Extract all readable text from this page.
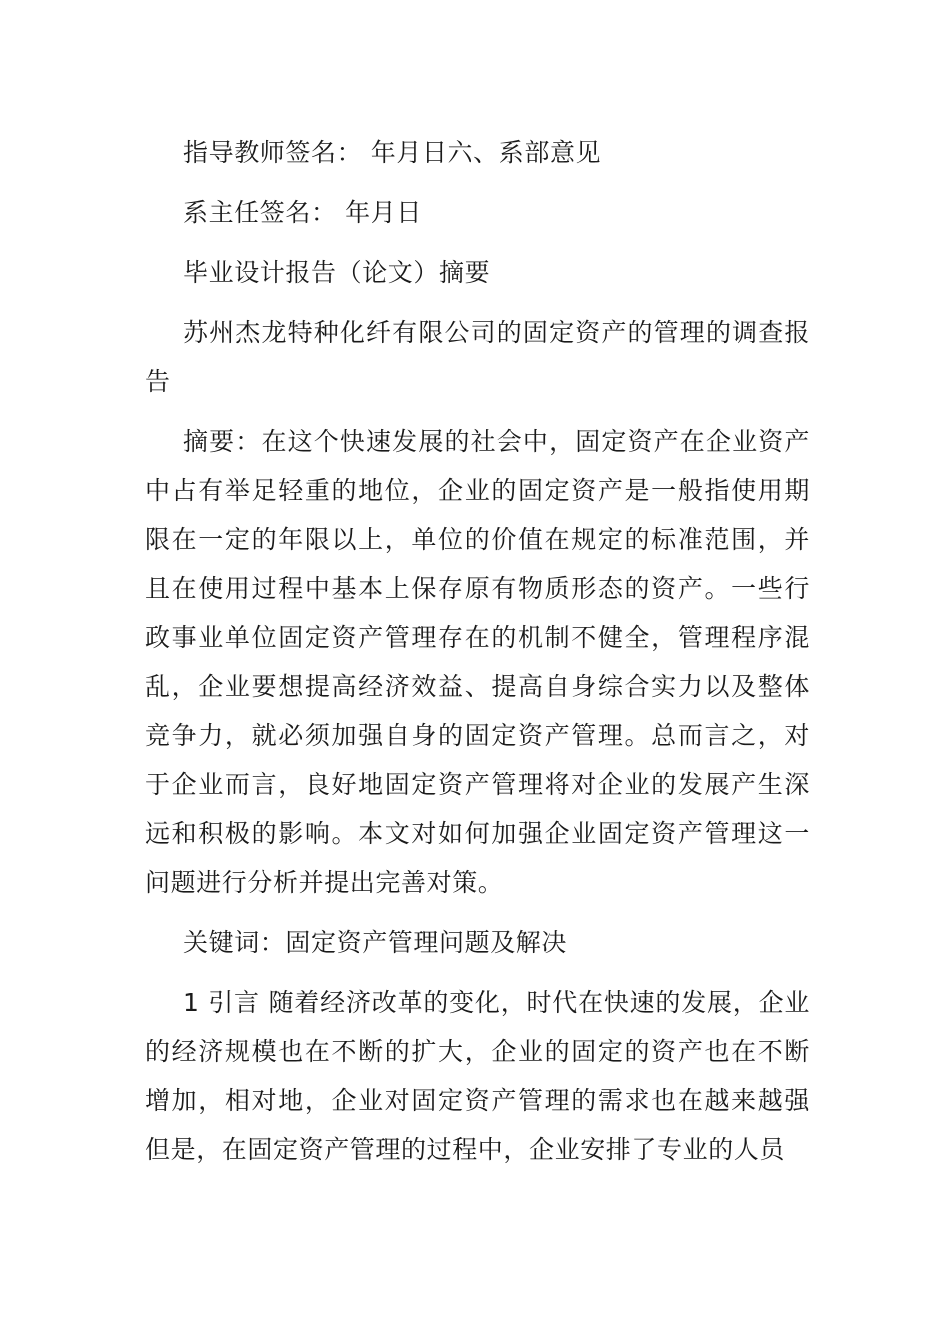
指导教师签名： 年月日六、系部意见

系主任签名： 年月日

毕业设计报告（论文）摘要

苏州杰龙特种化纤有限公司的固定资产的管理的调查报告

摘要：在这个快速发展的社会中，固定资产在企业资产中占有举足轻重的地位，企业的固定资产是一般指使用期限在一定的年限以上，单位的价值在规定的标准范围，并且在使用过程中基本上保存原有物质形态的资产。一些行政事业单位固定资产管理存在的机制不健全，管理程序混乱，企业要想提高经济效益、提高自身综合实力以及整体竞争力，就必须加强自身的固定资产管理。总而言之，对于企业而言，良好地固定资产管理将对企业的发展产生深远和积极的影响。本文对如何加强企业固定资产管理这一问题进行分析并提出完善对策。

关键词：固定资产管理问题及解决

1 引言 随着经济改革的变化，时代在快速的发展，企业的经济规模也在不断的扩大，企业的固定的资产也在不断增加，相对地，企业对固定资产管理的需求也在越来越强但是，在固定资产管理的过程中，企业安排了专业的人员
